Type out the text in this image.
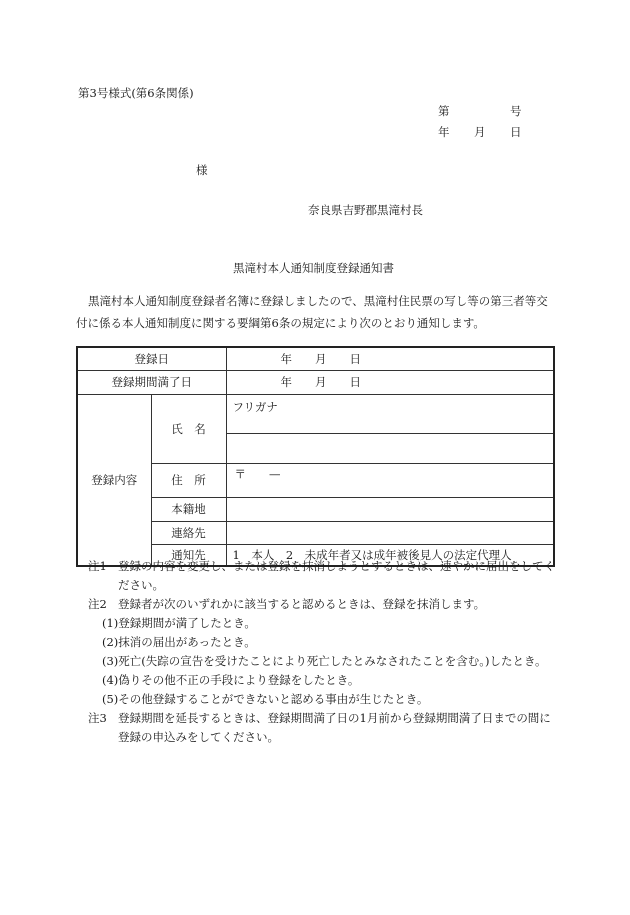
第3号様式(第6条関係)
第	号
年 月 日
様
奈良県吉野郡黒滝村長
黒滝村本人通知制度登録通知書
黒滝村本人通知制度登録者名簿に登録しましたので、黒滝村住民票の写し等の第三者等交付に係る本人通知制度に関する要綱第6条の規定により次のとおり通知します。
登録日		年　　月　　日
登録期間満了日		年　　月　　日
登録内容	氏　名	フリガナ

	住　所	〒　　—
	本籍地	
	連絡先	
	通知先	1　本人　2　未成年者又は成年被後見人の法定代理人
注1 登録の内容を変更し、または登録を抹消しようとするときは、速やかに届出をしてください。
注2 登録者が次のいずれかに該当すると認めるときは、登録を抹消します。
(1)登録期間が満了したとき。
(2)抹消の届出があったとき。
(3)死亡(失踪の宣告を受けたことにより死亡したとみなされたことを含む。)したとき。
(4)偽りその他不正の手段により登録をしたとき。
(5)その他登録することができないと認める事由が生じたとき。
注3 登録期間を延長するときは、登録期間満了日の1月前から登録期間満了日までの間に登録の申込みをしてください。
